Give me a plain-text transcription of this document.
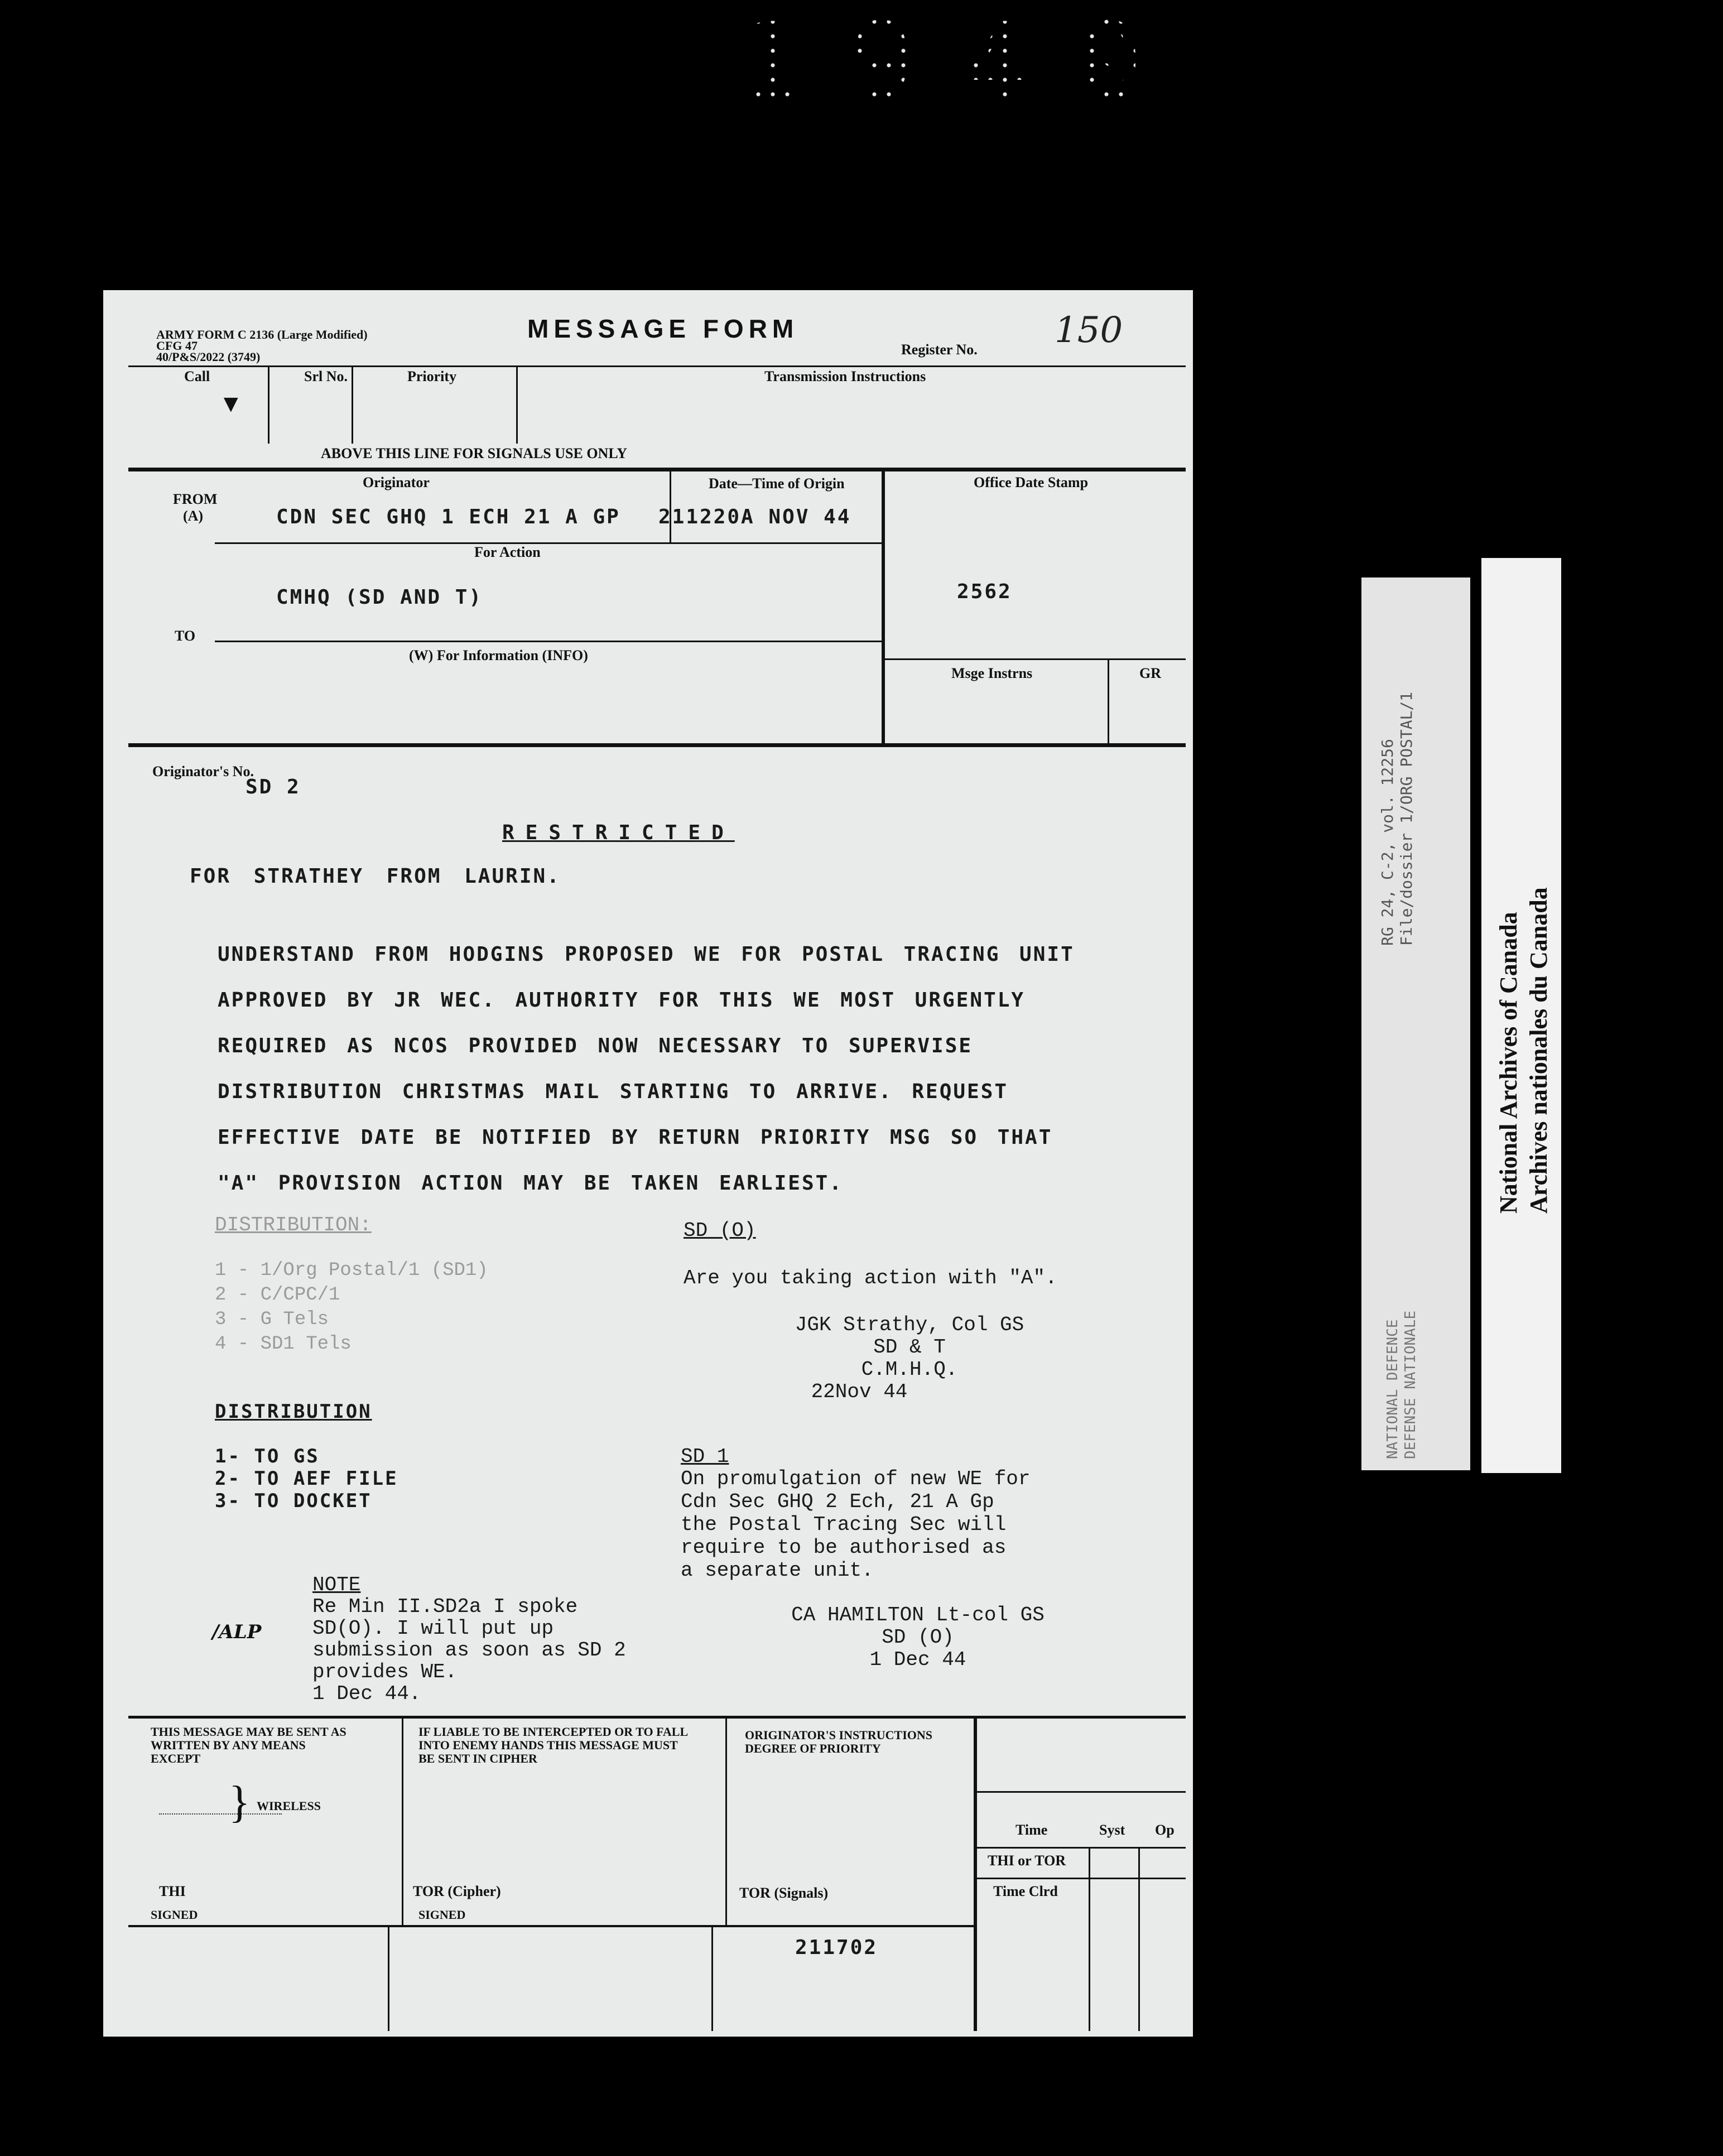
1940
ARMY FORM C 2136 (Large Modified)
CFG 47
40/P&S/2022 (3749)
MESSAGE FORM
Register No. 150
Call
▼
Srl No.	Priority	Transmission Instructions
ABOVE THIS LINE FOR SIGNALS USE ONLY
FROM
(A)
Originator
CDN SEC GHQ 1 ECH 21 A GP
Date—Time of Origin
211220A NOV 44
Office Date Stamp
2562
For Action
CMHQ (SD AND T)
TO
(W) For Information (INFO)
Msge Instrns	GR
Originator's No.
SD 2
RESTRICTED
FOR STRATHEY FROM LAURIN.
UNDERSTAND FROM HODGINS PROPOSED WE FOR POSTAL TRACING UNIT
APPROVED BY JR WEC. AUTHORITY FOR THIS WE MOST URGENTLY
REQUIRED AS NCOS PROVIDED NOW NECESSARY TO SUPERVISE
DISTRIBUTION CHRISTMAS MAIL STARTING TO ARRIVE. REQUEST
EFFECTIVE DATE BE NOTIFIED BY RETURN PRIORITY MSG SO THAT
"A" PROVISION ACTION MAY BE TAKEN EARLIEST.
DISTRIBUTION:
1 - 1/Org Postal/1 (SD1)
2 - C/CPC/1
3 - G Tels
4 - SD1 Tels
DISTRIBUTION
1- TO GS
2- TO AEF FILE
3- TO DOCKET
NOTE
Re Min II.SD2a I spoke
SD(O). I will put up
submission as soon as SD 2
provides WE.
1 Dec 44.
/ALP
SD (O)
Are you taking action with "A".
JGK Strathy, Col GS
SD & T
C.M.H.Q.
22Nov 44
SD 1
On promulgation of new WE for
Cdn Sec GHQ 2 Ech, 21 A Gp
the Postal Tracing Sec will
require to be authorised as
a separate unit.
CA HAMILTON Lt-col GS
SD (O)
1 Dec 44
THIS MESSAGE MAY BE SENT AS
WRITTEN BY ANY MEANS
EXCEPT
} WIRELESS
SIGNED
IF LIABLE TO BE INTERCEPTED OR TO FALL
INTO ENEMY HANDS THIS MESSAGE MUST
BE SENT IN CIPHER
SIGNED
ORIGINATOR'S INSTRUCTIONS
DEGREE OF PRIORITY
Time	Syst Op
THI or TOR
Time Clrd
THI	TOR (Cipher)	TOR (Signals)
211702
RG 24, C-2, vol. 12256 File/dossier 1/ORG POSTAL/1
NATIONAL DEFENCE DEFENSE NATIONALE
National Archives of Canada Archives nationales du Canada
